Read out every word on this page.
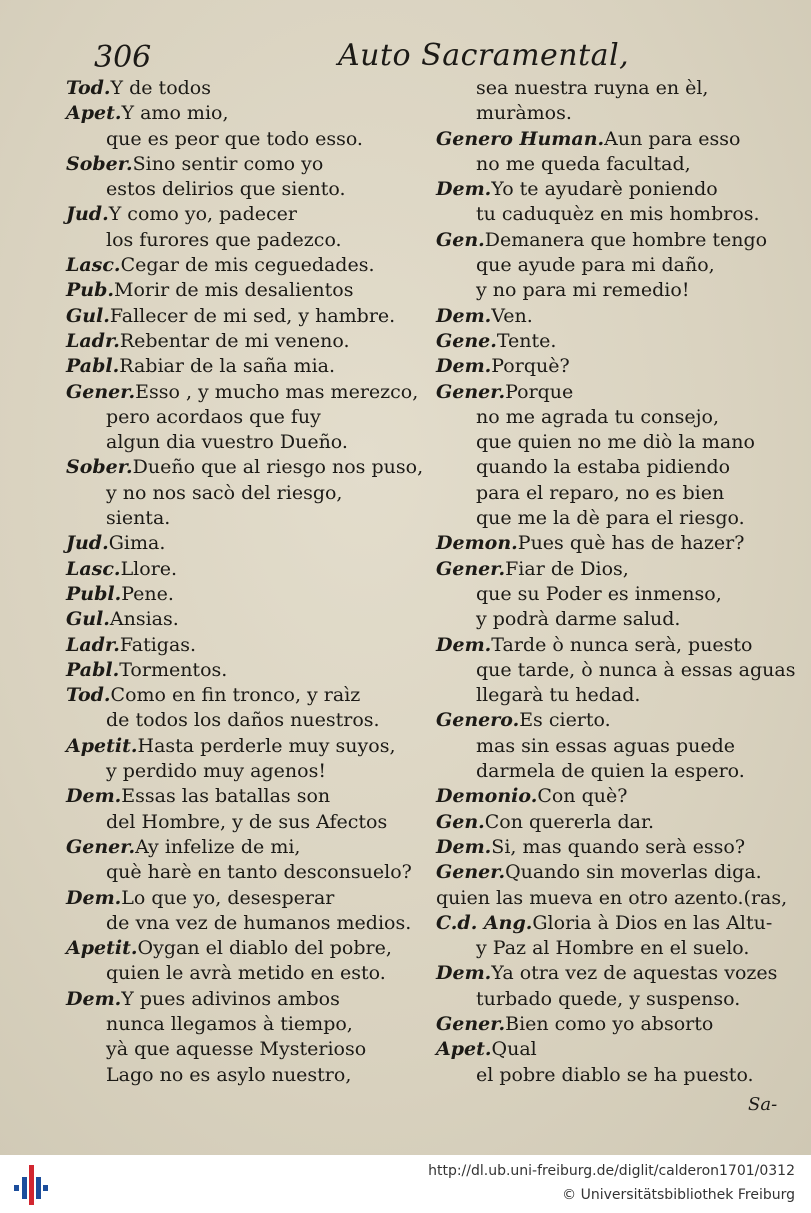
306	Auto Sacramental,
Tod.Y de todos
Apet.Y amo mio,
que es peor que todo esso.
Sober.Sino sentir como yo
estos delirios que siento.
Jud.Y como yo, padecer
los furores que padezco.
Lasc.Cegar de mis ceguedades.
Pub.Morir de mis desalientos
Gul.Fallecer de mi sed, y hambre.
Ladr.Rebentar de mi veneno.
Pabl.Rabiar de la saña mia.
Gener.Esso , y mucho mas merezco,
pero acordaos que fuy
algun dia vuestro Dueño.
Sober.Dueño que al riesgo nos puso,
y no nos sacò del riesgo,
sienta.
Jud.Gima.
Lasc.Llore.
Publ.Pene.
Gul.Ansias.
Ladr.Fatigas.
Pabl.Tormentos.
Tod.Como en fin tronco, y raìz
de todos los daños nuestros.
Apetit.Hasta perderle muy suyos,
y perdido muy agenos!
Dem.Essas las batallas son
del Hombre, y de sus Afectos
Gener.Ay infelize de mi,
què harè en tanto desconsuelo?
Dem.Lo que yo, desesperar
de vna vez de humanos medios.
Apetit.Oygan el diablo del pobre,
quien le avrà metido en esto.
Dem.Y pues adivinos ambos
nunca llegamos à tiempo,
yà que aquesse Mysterioso
Lago no es asylo nuestro,
sea nuestra ruyna en èl,
muràmos.
Genero Human.Aun para esso
no me queda facultad,
Dem.Yo te ayudarè poniendo
tu caduquèz en mis hombros.
Gen.Demanera que hombre tengo
que ayude para mi daño,
y no para mi remedio!
Dem.Ven.
Gene.Tente.
Dem.Porquè?
Gener.Porque
no me agrada tu consejo,
que quien no me diò la mano
quando la estaba pidiendo
para el reparo, no es bien
que me la dè para el riesgo.
Demon.Pues què has de hazer?
Gener.Fiar de Dios,
que su Poder es inmenso,
y podrà darme salud.
Dem.Tarde ò nunca serà, puesto
que tarde, ò nunca à essas aguas
llegarà tu hedad.
Genero.Es cierto.
mas sin essas aguas puede
darmela de quien la espero.
Demonio.Con què?
Gen.Con quererla dar.
Dem.Si, mas quando serà esso?
Gener.Quando sin moverlas diga.
quien las mueva en otro azento.(ras,
C.d. Ang.Gloria à Dios en las Altu-
y Paz al Hombre en el suelo.
Dem.Ya otra vez de aquestas vozes
turbado quede, y suspenso.
Gener.Bien como yo absorto
Apet.Qual
el pobre diablo se ha puesto.
Sa-
http://dl.ub.uni-freiburg.de/diglit/calderon1701/0312
© Universitätsbibliothek Freiburg
